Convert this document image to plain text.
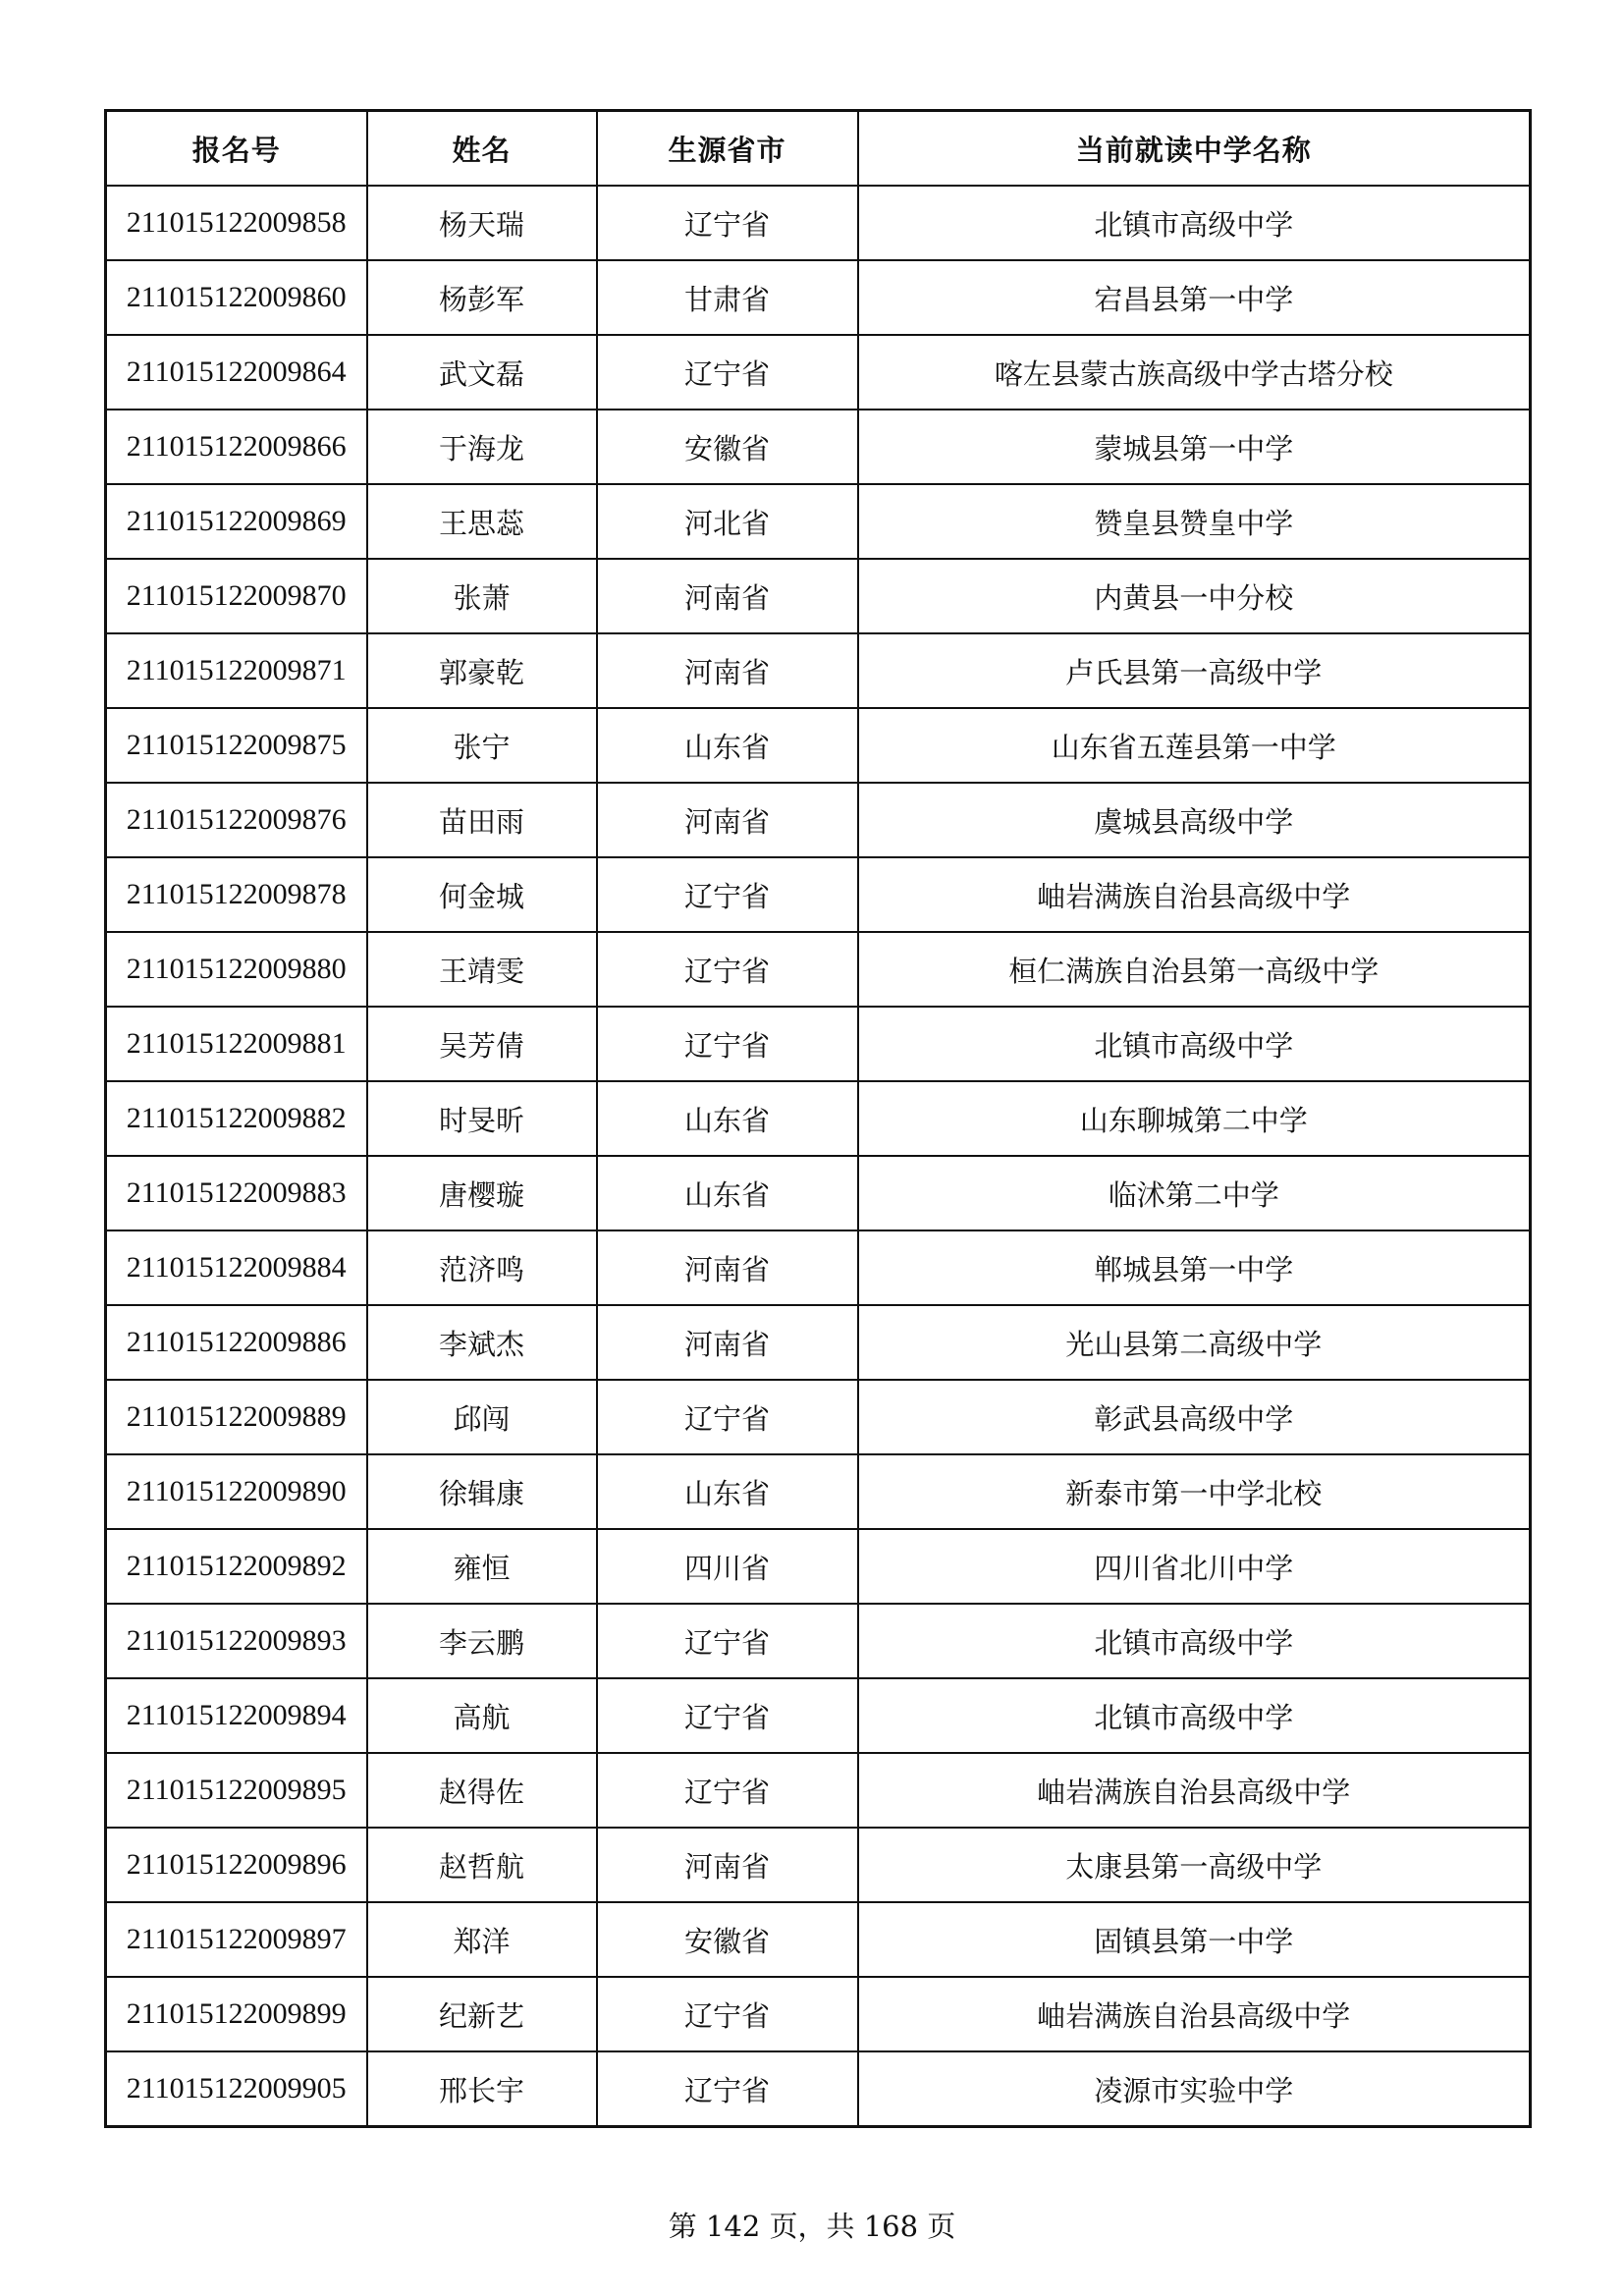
报名号	姓名	生源省市	当前就读中学名称
211015122009858	杨天瑞	辽宁省	北镇市高级中学
211015122009860	杨彭军	甘肃省	宕昌县第一中学
211015122009864	武文磊	辽宁省	喀左县蒙古族高级中学古塔分校
211015122009866	于海龙	安徽省	蒙城县第一中学
211015122009869	王思蕊	河北省	赞皇县赞皇中学
211015122009870	张萧	河南省	内黄县一中分校
211015122009871	郭豪乾	河南省	卢氏县第一高级中学
211015122009875	张宁	山东省	山东省五莲县第一中学
211015122009876	苗田雨	河南省	虞城县高级中学
211015122009878	何金城	辽宁省	岫岩满族自治县高级中学
211015122009880	王靖雯	辽宁省	桓仁满族自治县第一高级中学
211015122009881	吴芳倩	辽宁省	北镇市高级中学
211015122009882	时旻昕	山东省	山东聊城第二中学
211015122009883	唐樱璇	山东省	临沭第二中学
211015122009884	范济鸣	河南省	郸城县第一中学
211015122009886	李斌杰	河南省	光山县第二高级中学
211015122009889	邱闯	辽宁省	彰武县高级中学
211015122009890	徐辑康	山东省	新泰市第一中学北校
211015122009892	雍恒	四川省	四川省北川中学
211015122009893	李云鹏	辽宁省	北镇市高级中学
211015122009894	高航	辽宁省	北镇市高级中学
211015122009895	赵得佐	辽宁省	岫岩满族自治县高级中学
211015122009896	赵哲航	河南省	太康县第一高级中学
211015122009897	郑洋	安徽省	固镇县第一中学
211015122009899	纪新艺	辽宁省	岫岩满族自治县高级中学
211015122009905	邢长宇	辽宁省	凌源市实验中学
第 142 页，共 168 页
